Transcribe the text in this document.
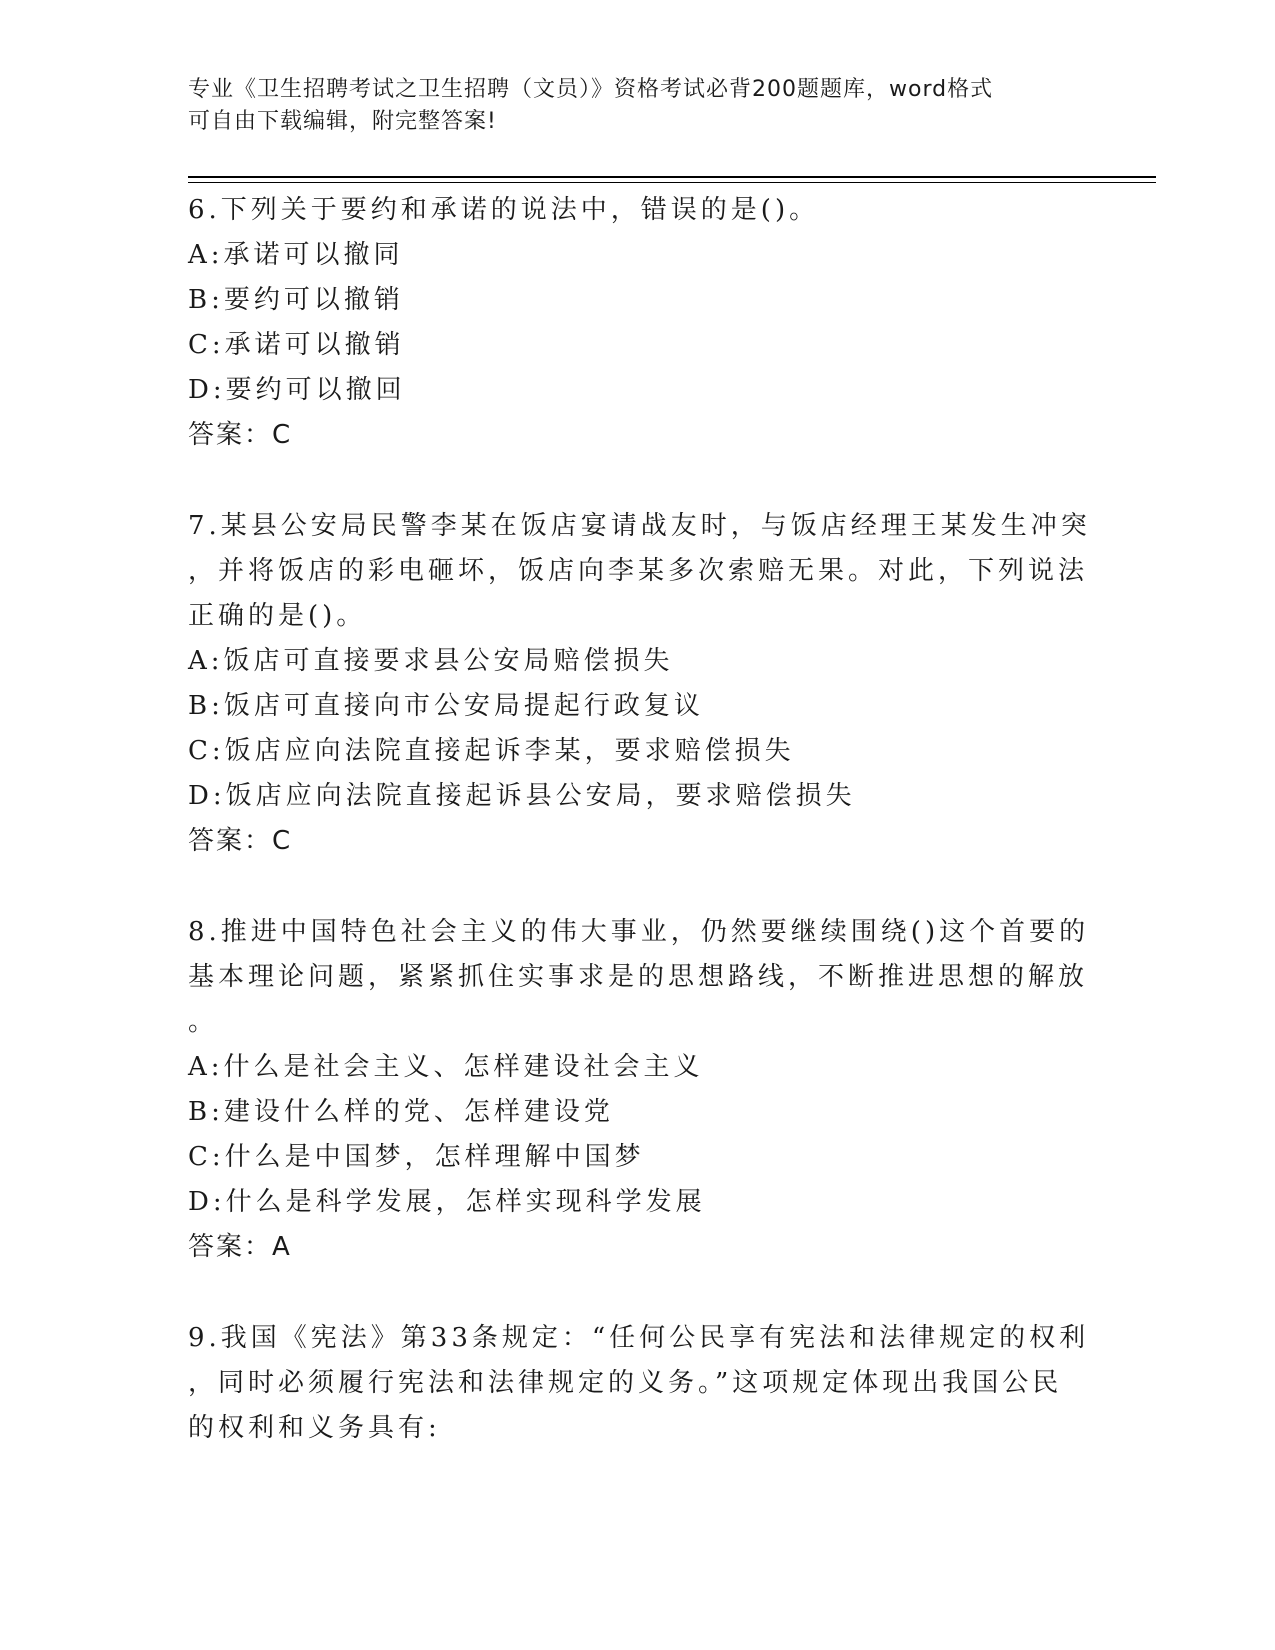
专业《卫生招聘考试之卫生招聘（文员）》资格考试必背200题题库，word格式
可自由下载编辑，附完整答案!
6.下列关于要约和承诺的说法中，错误的是()。
A:承诺可以撤同
B:要约可以撤销
C:承诺可以撤销
D:要约可以撤回
答案：C
7.某县公安局民警李某在饭店宴请战友时，与饭店经理王某发生冲突
，并将饭店的彩电砸坏，饭店向李某多次索赔无果。对此，下列说法
正确的是()。
A:饭店可直接要求县公安局赔偿损失
B:饭店可直接向市公安局提起行政复议
C:饭店应向法院直接起诉李某，要求赔偿损失
D:饭店应向法院直接起诉县公安局，要求赔偿损失
答案：C
8.推进中国特色社会主义的伟大事业，仍然要继续围绕()这个首要的
基本理论问题，紧紧抓住实事求是的思想路线，不断推进思想的解放
。
A:什么是社会主义、怎样建设社会主义
B:建设什么样的党、怎样建设党
C:什么是中国梦，怎样理解中国梦
D:什么是科学发展，怎样实现科学发展
答案：A
9.我国《宪法》第33条规定：“任何公民享有宪法和法律规定的权利
，同时必须履行宪法和法律规定的义务。”这项规定体现出我国公民
的权利和义务具有:
